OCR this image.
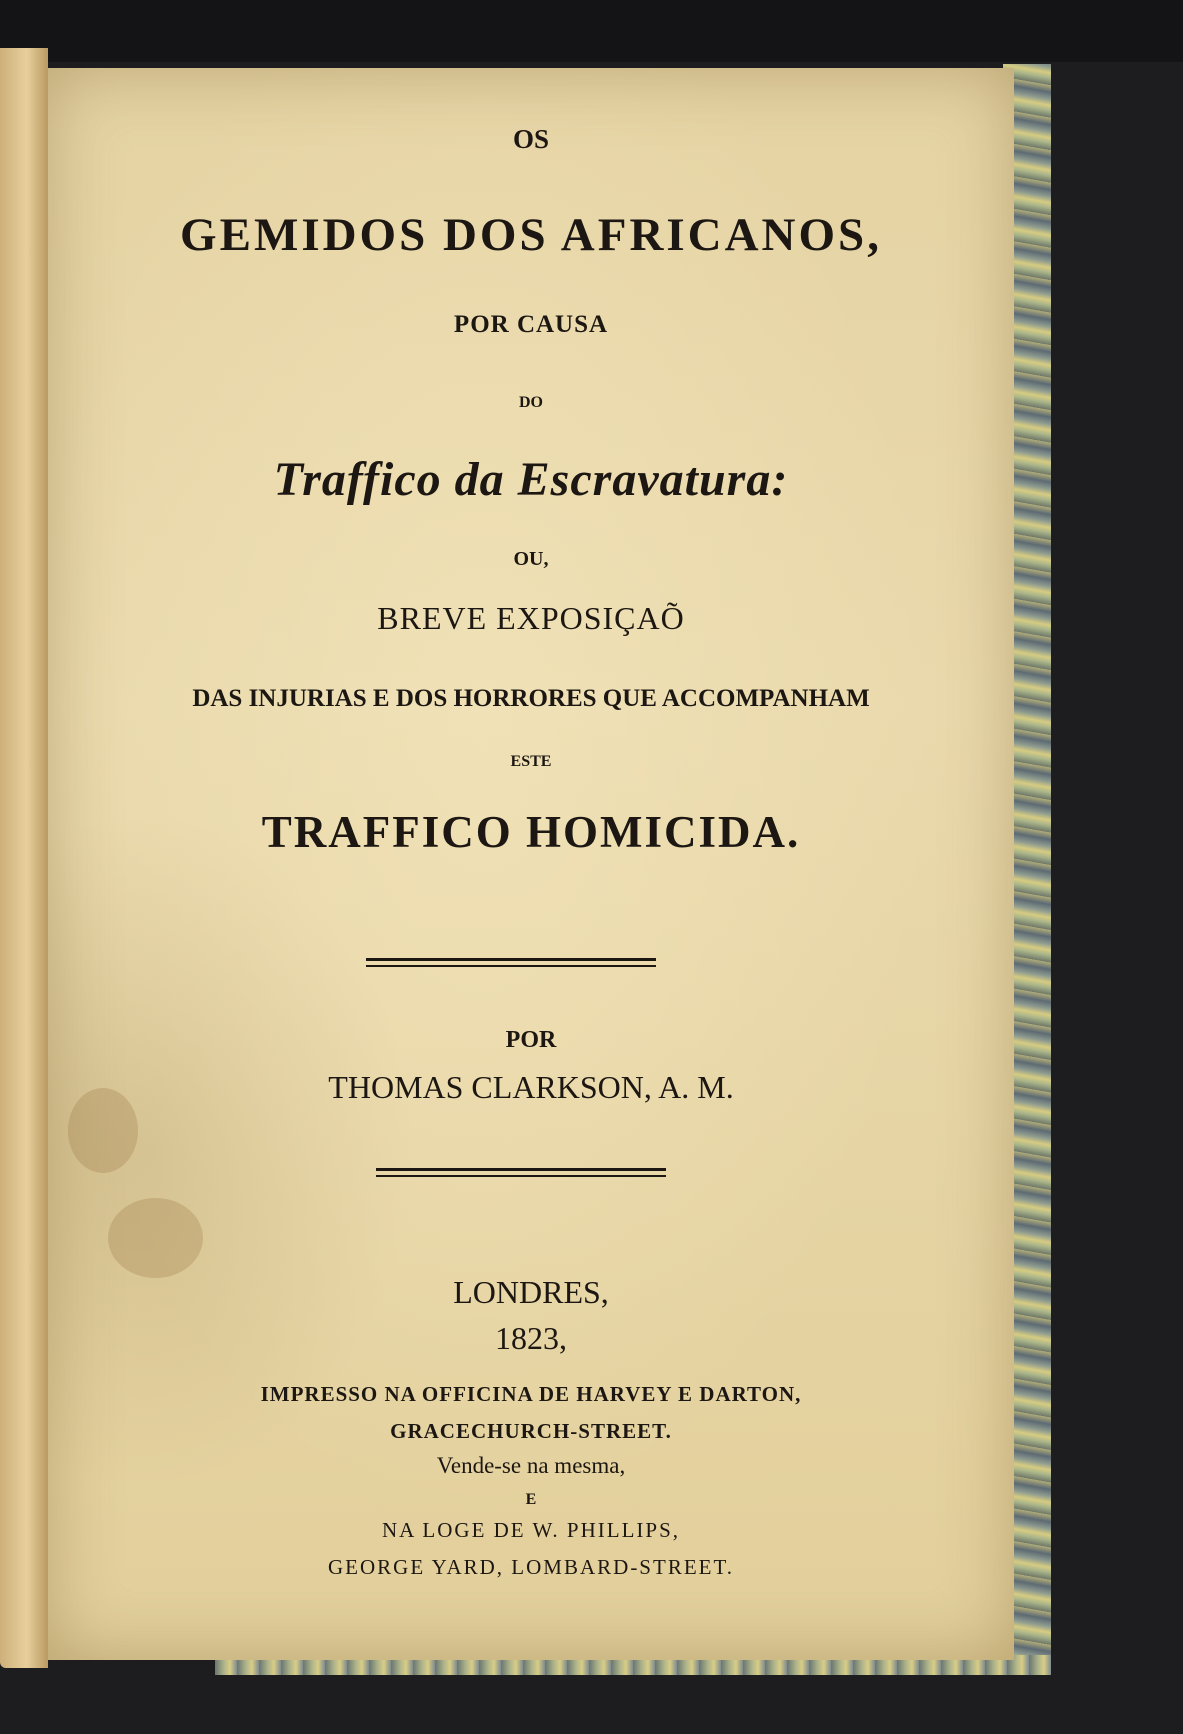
OS

GEMIDOS DOS AFRICANOS,

POR CAUSA

DO

Traffico da Escravatura:

OU,

BREVE EXPOSIÇAÕ

DAS INJURIAS E DOS HORRORES QUE ACCOMPANHAM

ESTE

TRAFFICO HOMICIDA.

POR

THOMAS CLARKSON, A. M.

LONDRES,

1823,

IMPRESSO NA OFFICINA DE HARVEY E DARTON,

GRACECHURCH-STREET.

Vende-se na mesma,

E

NA LOGE DE W. PHILLIPS,

GEORGE YARD, LOMBARD-STREET.
